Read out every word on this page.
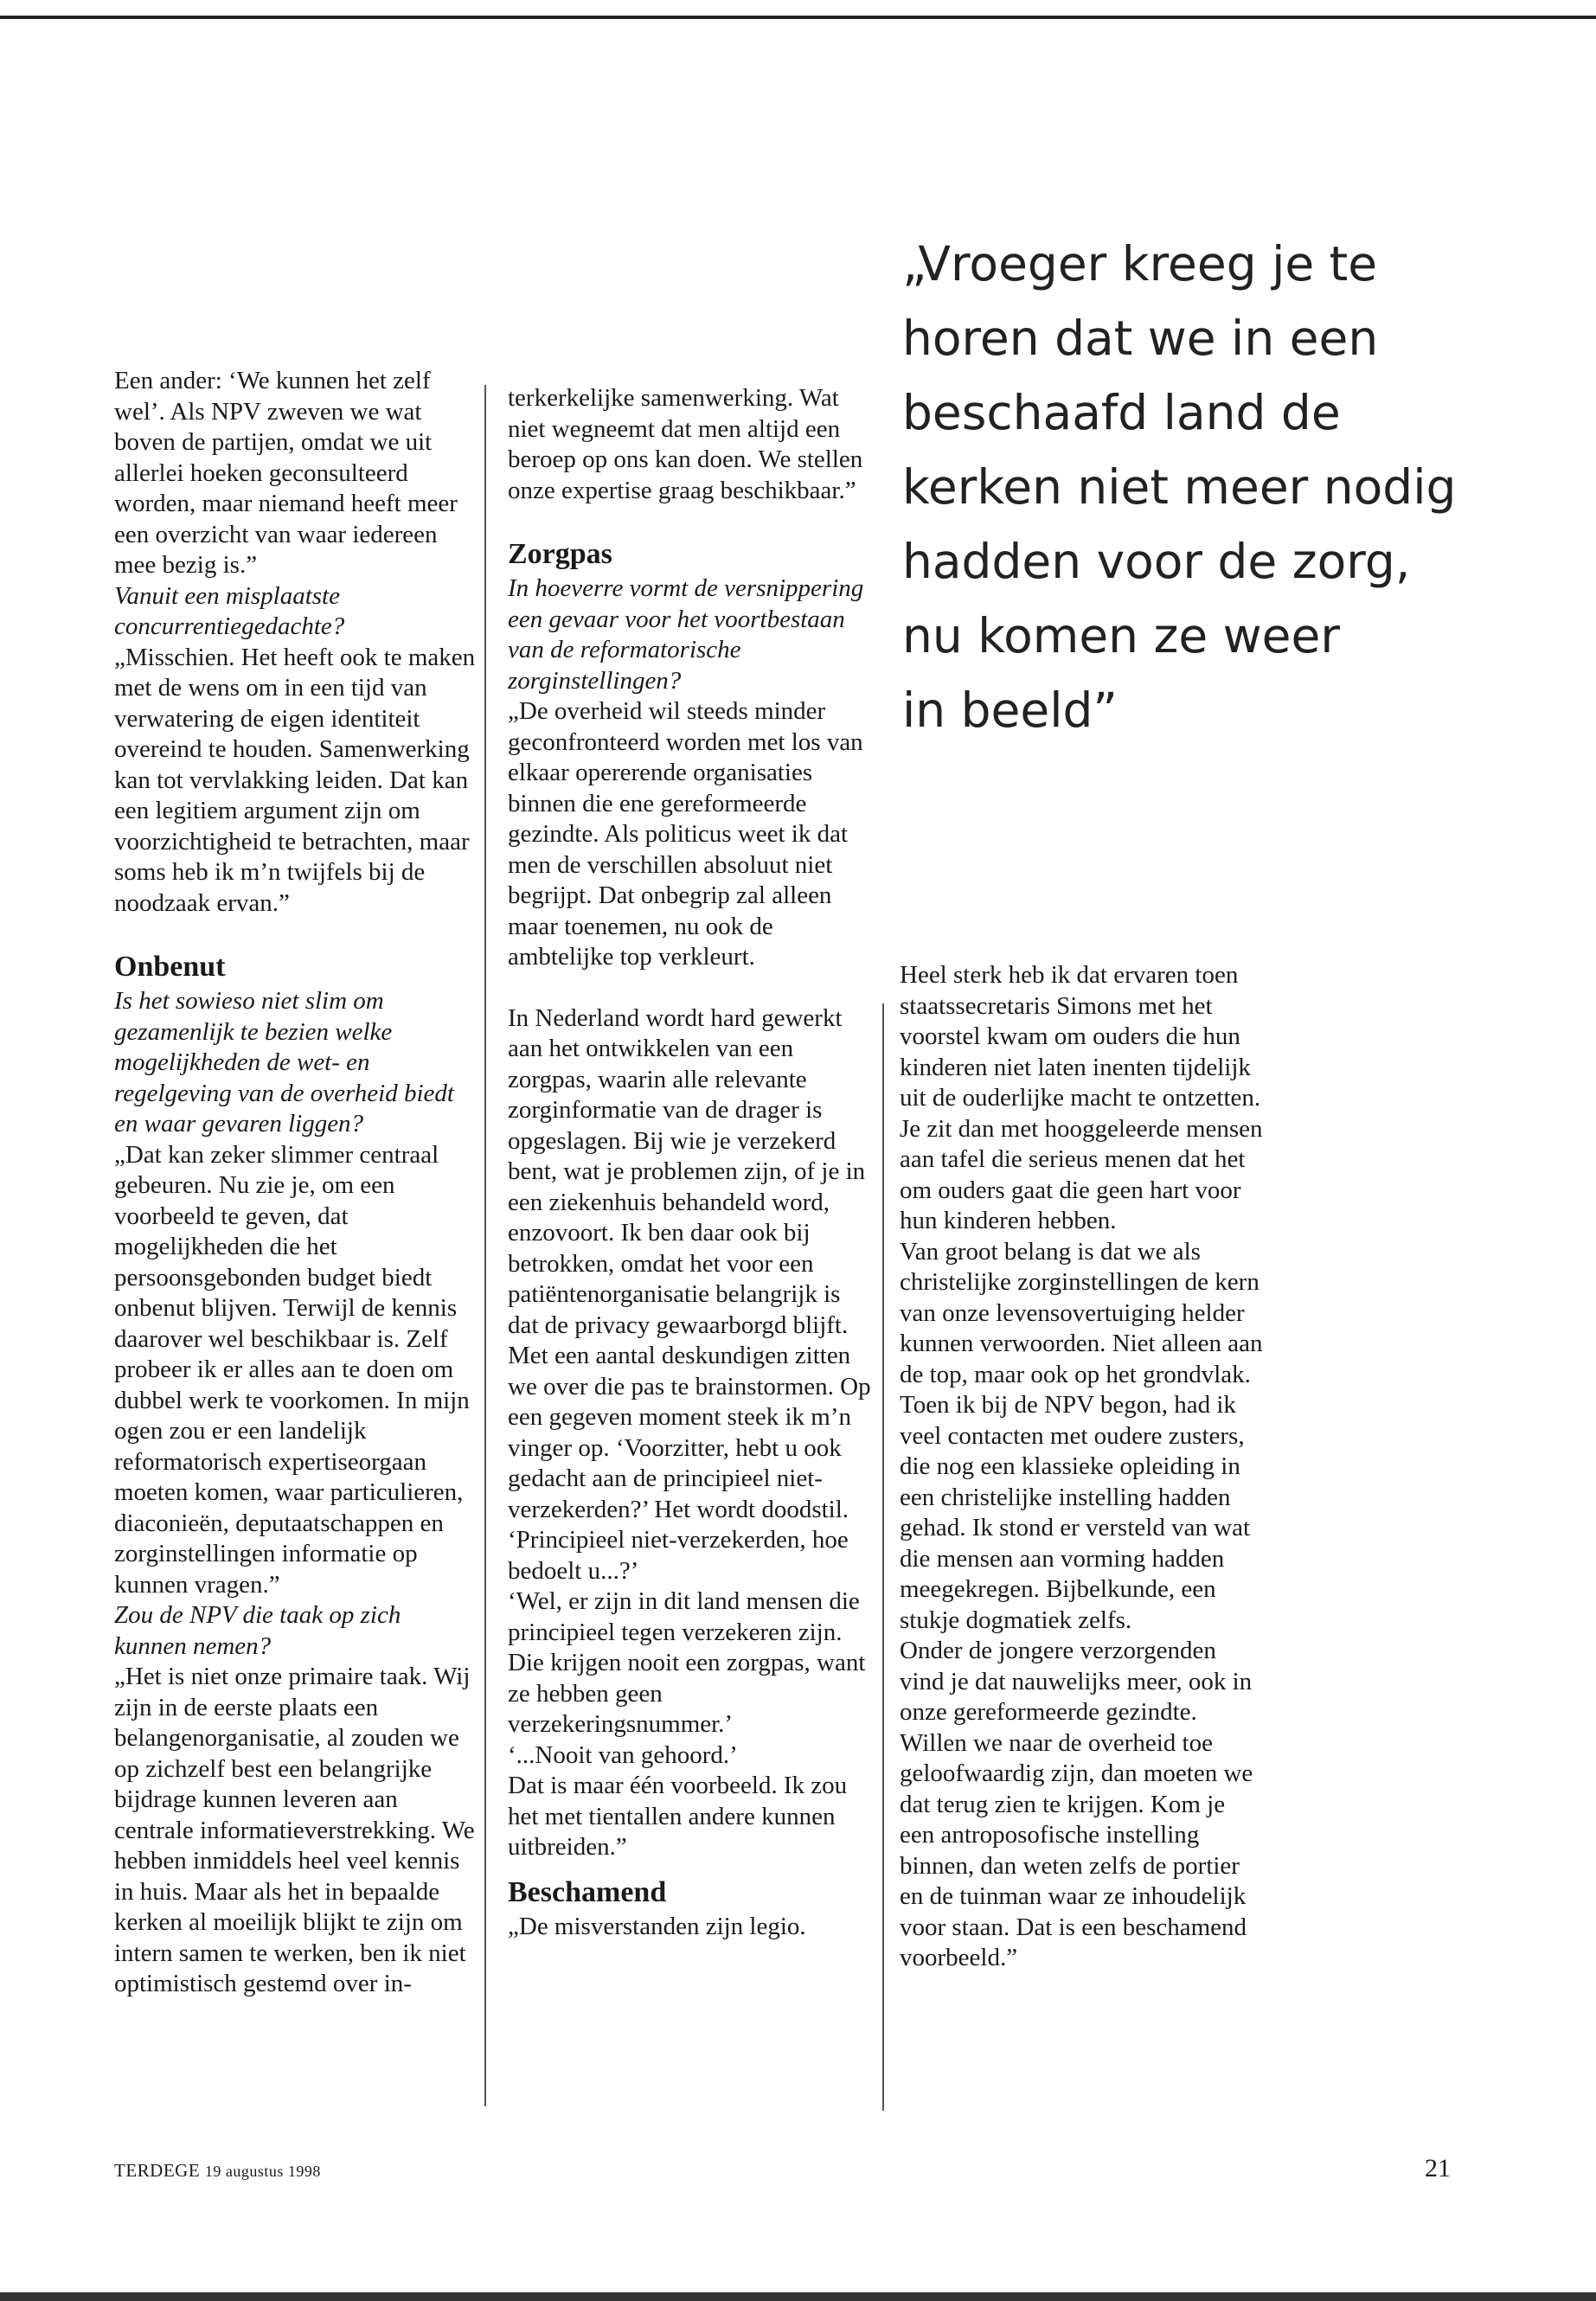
„Vroeger kreeg je te
horen dat we in een
beschaafd land de
kerken niet meer nodig
hadden voor de zorg,
nu komen ze weer
in beeld”

Een ander: ‘We kunnen het zelf wel’. Als NPV zweven we wat boven de partijen, omdat we uit allerlei hoeken geconsulteerd worden, maar niemand heeft meer een overzicht van waar iedereen mee bezig is.”

Vanuit een misplaatste concurrentiegedachte?

„Misschien. Het heeft ook te maken met de wens om in een tijd van verwatering de eigen identiteit overeind te houden. Samenwerking kan tot vervlakking leiden. Dat kan een legitiem argument zijn om voorzichtigheid te betrachten, maar soms heb ik m’n twijfels bij de noodzaak ervan.”

Onbenut

Is het sowieso niet slim om gezamenlijk te bezien welke mogelijkheden de wet- en regelgeving van de overheid biedt en waar gevaren liggen?

„Dat kan zeker slimmer centraal gebeuren. Nu zie je, om een voorbeeld te geven, dat mogelijkheden die het persoonsgebonden budget biedt onbenut blijven. Terwijl de kennis daarover wel beschikbaar is. Zelf probeer ik er alles aan te doen om dubbel werk te voorkomen. In mijn ogen zou er een landelijk reformatorisch expertiseorgaan moeten komen, waar particulieren, diaconieën, deputaatschappen en zorginstellingen informatie op kunnen vragen.”

Zou de NPV die taak op zich kunnen nemen?

„Het is niet onze primaire taak. Wij zijn in de eerste plaats een belangenorganisatie, al zouden we op zichzelf best een belangrijke bijdrage kunnen leveren aan centrale informatieverstrekking. We hebben inmiddels heel veel kennis in huis. Maar als het in bepaalde kerken al moeilijk blijkt te zijn om intern samen te werken, ben ik niet optimistisch gestemd over in-

terkerkelijke samenwerking. Wat niet wegneemt dat men altijd een beroep op ons kan doen. We stellen onze expertise graag beschikbaar.”

Zorgpas

In hoeverre vormt de versnippering een gevaar voor het voortbestaan van de reformatorische zorginstellingen?

„De overheid wil steeds minder geconfronteerd worden met los van elkaar opererende organisaties binnen die ene gereformeerde gezindte. Als politicus weet ik dat men de verschillen absoluut niet begrijpt. Dat onbegrip zal alleen maar toenemen, nu ook de ambtelijke top verkleurt.

In Nederland wordt hard gewerkt aan het ontwikkelen van een zorgpas, waarin alle relevante zorginformatie van de drager is opgeslagen. Bij wie je verzekerd bent, wat je problemen zijn, of je in een ziekenhuis behandeld word, enzovoort. Ik ben daar ook bij betrokken, omdat het voor een patiëntenorganisatie belangrijk is dat de privacy gewaarborgd blijft.

Met een aantal deskundigen zitten we over die pas te brainstormen. Op een gegeven moment steek ik m’n vinger op. ‘Voorzitter, hebt u ook gedacht aan de principieel niet-verzekerden?’ Het wordt doodstil.

‘Principieel niet-verzekerden, hoe bedoelt u...?’

‘Wel, er zijn in dit land mensen die principieel tegen verzekeren zijn. Die krijgen nooit een zorgpas, want ze hebben geen verzekeringsnummer.’

‘...Nooit van gehoord.’

Dat is maar één voorbeeld. Ik zou het met tientallen andere kunnen uitbreiden.”

Beschamend

„De misverstanden zijn legio.

Heel sterk heb ik dat ervaren toen staatssecretaris Simons met het voorstel kwam om ouders die hun kinderen niet laten inenten tijdelijk uit de ouderlijke macht te ontzetten. Je zit dan met hooggeleerde mensen aan tafel die serieus menen dat het om ouders gaat die geen hart voor hun kinderen hebben.

Van groot belang is dat we als christelijke zorginstellingen de kern van onze levensovertuiging helder kunnen verwoorden. Niet alleen aan de top, maar ook op het grondvlak. Toen ik bij de NPV begon, had ik veel contacten met oudere zusters, die nog een klassieke opleiding in een christelijke instelling hadden gehad. Ik stond er versteld van wat die mensen aan vorming hadden meegekregen. Bijbelkunde, een stukje dogmatiek zelfs.

Onder de jongere verzorgenden vind je dat nauwelijks meer, ook in onze gereformeerde gezindte. Willen we naar de overheid toe geloofwaardig zijn, dan moeten we dat terug zien te krijgen. Kom je een antroposofische instelling binnen, dan weten zelfs de portier en de tuinman waar ze inhoudelijk voor staan. Dat is een beschamend voorbeeld.”

TERDEGE 19 augustus 1998	21
